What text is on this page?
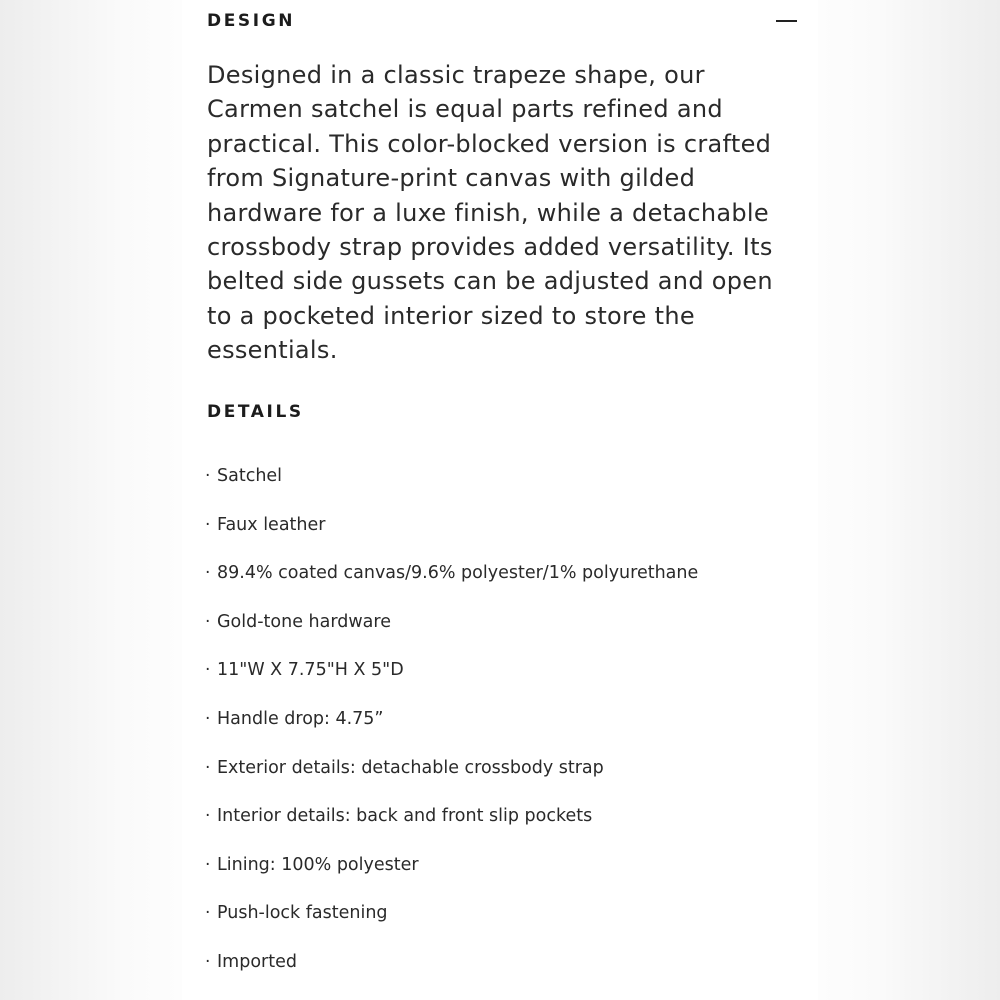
DESIGN

Designed in a classic trapeze shape, our Carmen satchel is equal parts refined and practical. This color-blocked version is crafted from Signature-print canvas with gilded hardware for a luxe finish, while a detachable crossbody strap provides added versatility. Its belted side gussets can be adjusted and open to a pocketed interior sized to store the essentials.

DETAILS
· Satchel
· Faux leather
· 89.4% coated canvas/9.6% polyester/1% polyurethane
· Gold-tone hardware
· 11"W X 7.75"H X 5"D
· Handle drop: 4.75”
· Exterior details: detachable crossbody strap
· Interior details: back and front slip pockets
· Lining: 100% polyester
· Push-lock fastening
· Imported
